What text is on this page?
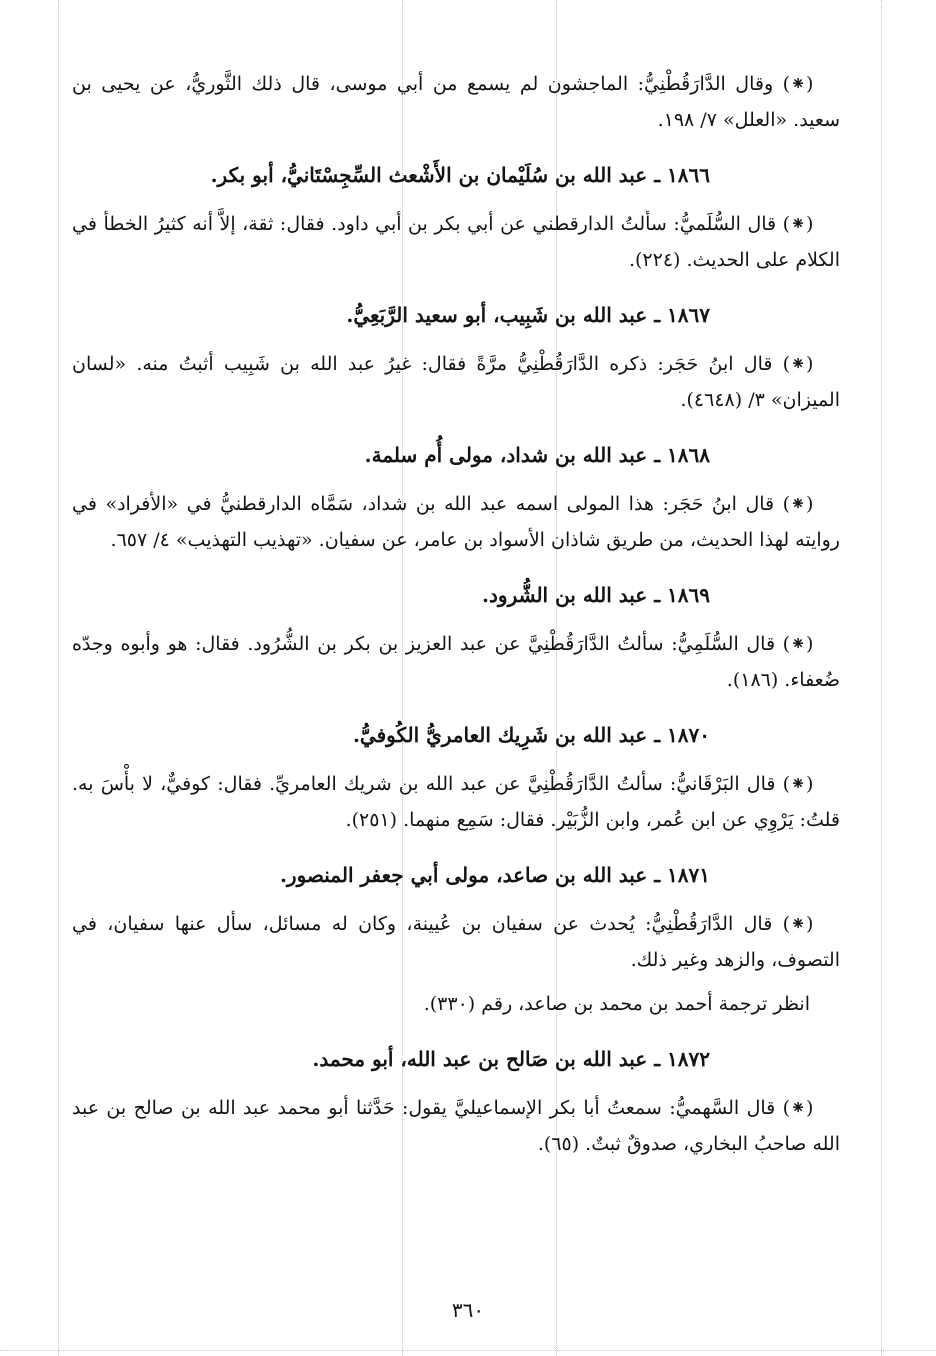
(⁕) وقال الدَّارَقُطْنِيُّ: الماجشون لم يسمع من أبي موسى، قال ذلك الثَّوريُّ، عن يحيى بن سعيد. «العلل» ٧/ ١٩٨.

١٨٦٦ ـ عبد الله بن سُلَيْمان بن الأَشْعث السِّجِسْتَانيُّ، أبو بكر.

(⁕) قال السُّلَميُّ: سألتُ الدارقطني عن أبي بكر بن أبي داود. فقال: ثقة، إلاَّ أنه كثيرُ الخطأ في الكلام على الحديث. (٢٢٤).

١٨٦٧ ـ عبد الله بن شَبِيب، أبو سعيد الرَّبَعِيُّ.

(⁕) قال ابنُ حَجَر: ذكره الدَّارَقُطْنِيُّ مرَّةً فقال: غيرُ عبد الله بن شَبِيب أثبتُ منه. «لسان الميزان» ٣/ (٤٦٤٨).

١٨٦٨ ـ عبد الله بن شداد، مولى أُم سلمة.

(⁕) قال ابنُ حَجَر: هذا المولى اسمه عبد الله بن شداد، سَمَّاه الدارقطنيُّ في «الأفراد» في روايته لهذا الحديث، من طريق شاذان الأسواد بن عامر، عن سفيان. «تهذيب التهذيب» ٤/ ٦٥٧.

١٨٦٩ ـ عبد الله بن الشُّرود.

(⁕) قال السُّلَمِيُّ: سألتُ الدَّارَقُطْنِيَّ عن عبد العزيز بن بكر بن الشُّرُود. فقال: هو وأبوه وجدّه ضُعفاء. (١٨٦).

١٨٧٠ ـ عبد الله بن شَرِيك العامريُّ الكُوفيُّ.

(⁕) قال البَرْقَانيُّ: سألتُ الدَّارَقُطْنِيَّ عن عبد الله بن شريك العامريِّ. فقال: كوفيٌّ، لا بأْسَ به. قلتُ: يَرْوِي عن ابن عُمر، وابن الزُّبَيْر. فقال: سَمِع منهما. (٢٥١).

١٨٧١ ـ عبد الله بن صاعد، مولى أبي جعفر المنصور.

(⁕) قال الدَّارَقُطْنِيُّ: يُحدث عن سفيان بن عُيينة، وكان له مسائل، سأل عنها سفيان، في التصوف، والزهد وغير ذلك.

انظر ترجمة أحمد بن محمد بن صاعد، رقم (٣٣٠).

١٨٧٢ ـ عبد الله بن صَالح بن عبد الله، أبو محمد.

(⁕) قال السَّهميُّ: سمعتُ أبا بكر الإسماعيليَّ يقول: حَدَّثنا أبو محمد عبد الله بن صالح بن عبد الله صاحبُ البخاري، صدوقٌ ثبتٌ. (٦٥).

٣٦٠
